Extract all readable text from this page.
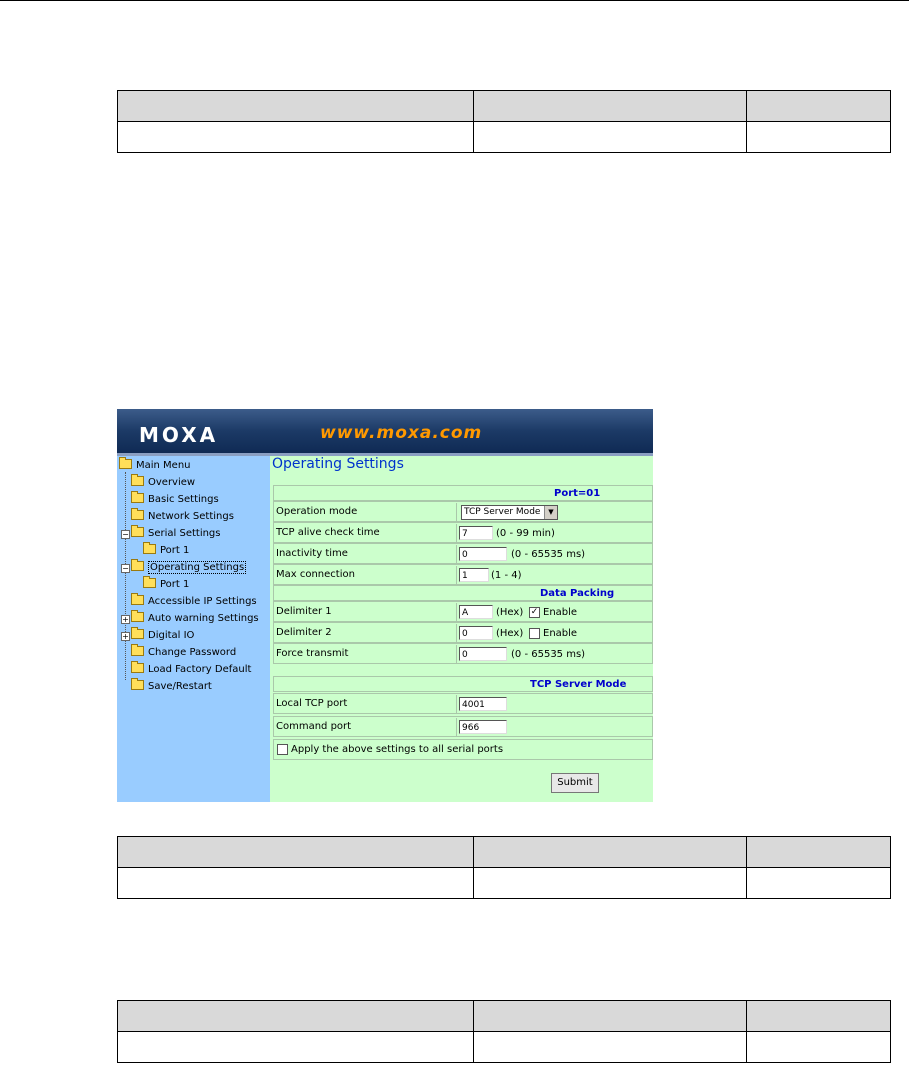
MOXA	www.moxa.com
Main Menu
Overview
Basic Settings
Network Settings
−	Serial Settings
Port 1
−	Operating Settings
Port 1
Accessible IP Settings
+	Auto warning Settings
+	Digital IO
Change Password
Load Factory Default
Save/Restart
Operating Settings
Port=01
Operation mode	TCP Server Mode	▼
TCP alive check time	7	(0 - 99 min)
Inactivity time	0	(0 - 65535 ms)
Max connection	1	(1 - 4)
Data Packing
Delimiter 1	A	(Hex) ✓ Enable
Delimiter 2	0	(Hex) Enable
Force transmit	0	(0 - 65535 ms)
TCP Server Mode
Local TCP port	4001
Command port	966
Apply the above settings to all serial ports
Submit
